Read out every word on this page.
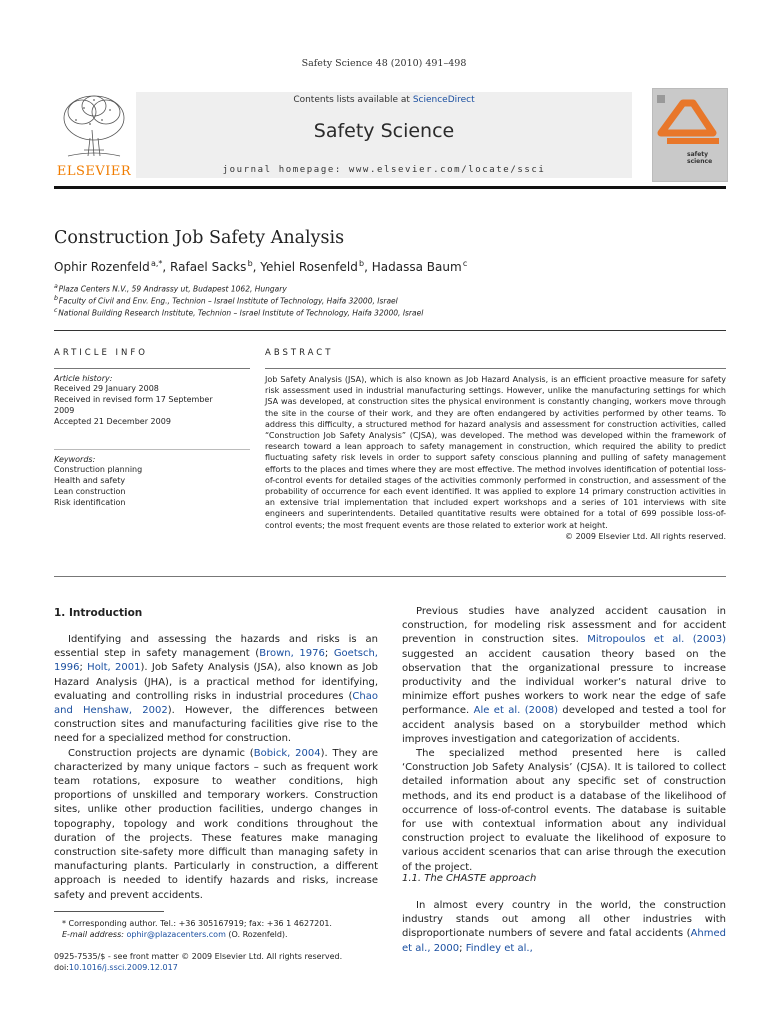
Safety Science 48 (2010) 491–498
Contents lists available at ScienceDirect
Safety Science
journal homepage: www.elsevier.com/locate/ssci
ELSEVIER
safety science
Construction Job Safety Analysis
Ophir Rozenfeld $^{a,*}$, Rafael Sacks $^b$, Yehiel Rosenfeld $^b$, Hadassa Baum $^c$
$^a$ Plaza Centers N.V., 59 Andrassy ut, Budapest 1062, Hungary
$^b$ Faculty of Civil and Env. Eng., Technion – Israel Institute of Technology, Haifa 32000, Israel
$^c$ National Building Research Institute, Technion – Israel Institute of Technology, Haifa 32000, Israel
ARTICLE INFO
Article history:
Received 29 January 2008
Received in revised form 17 September
2009
Accepted 21 December 2009
Keywords:
Construction planning
Health and safety
Lean construction
Risk identification
ABSTRACT

Job Safety Analysis (JSA), which is also known as Job Hazard Analysis, is an efficient proactive measure for safety risk assessment used in industrial manufacturing settings. However, unlike the manufacturing settings for which JSA was developed, at construction sites the physical environment is constantly changing, workers move through the site in the course of their work, and they are often endangered by activities performed by other teams. To address this difficulty, a structured method for hazard analysis and assessment for construction activities, called “Construction Job Safety Analysis” (CJSA), was developed. The method was developed within the framework of research toward a lean approach to safety management in construction, which required the ability to predict fluctuating safety risk levels in order to support safety conscious planning and pulling of safety management efforts to the places and times where they are most effective. The method involves identification of potential loss-of-control events for detailed stages of the activities commonly performed in construction, and assessment of the probability of occurrence for each event identified. It was applied to explore 14 primary construction activities in an extensive trial implementation that included expert workshops and a series of 101 interviews with site engineers and superintendents. Detailed quantitative results were obtained for a total of 699 possible loss-of-control events; the most frequent events are those related to exterior work at height.
© 2009 Elsevier Ltd. All rights reserved.

1. Introduction

Identifying and assessing the hazards and risks is an essential step in safety management (Brown, 1976; Goetsch, 1996; Holt, 2001). Job Safety Analysis (JSA), also known as Job Hazard Analysis (JHA), is a practical method for identifying, evaluating and controlling risks in industrial procedures (Chao and Henshaw, 2002). However, the differences between construction sites and manufacturing facilities give rise to the need for a specialized method for construction.

Construction projects are dynamic (Bobick, 2004). They are characterized by many unique factors – such as frequent work team rotations, exposure to weather conditions, high proportions of unskilled and temporary workers. Construction sites, unlike other production facilities, undergo changes in topography, topology and work conditions throughout the duration of the projects. These features make managing construction site-safety more difficult than managing safety in manufacturing plants. Particularly in construction, a different approach is needed to identify hazards and risks, increase safety and prevent accidents.

Previous studies have analyzed accident causation in construction, for modeling risk assessment and for accident prevention in construction sites. Mitropoulos et al. (2003) suggested an accident causation theory based on the observation that the organizational pressure to increase productivity and the individual worker’s natural drive to minimize effort pushes workers to work near the edge of safe performance. Ale et al. (2008) developed and tested a tool for accident analysis based on a storybuilder method which improves investigation and categorization of accidents.

The specialized method presented here is called ‘Construction Job Safety Analysis’ (CJSA). It is tailored to collect detailed information about any specific set of construction methods, and its end product is a database of the likelihood of occurrence of loss-of-control events. The database is suitable for use with contextual information about any individual construction project to evaluate the likelihood of exposure to various accident scenarios that can arise through the execution of the project.

1.1. The CHASTE approach

In almost every country in the world, the construction industry stands out among all other industries with disproportionate numbers of severe and fatal accidents (Ahmed et al., 2000; Findley et al.,

* Corresponding author. Tel.: +36 305167919; fax: +36 1 4627201.
E-mail address: ophir@plazacenters.com (O. Rozenfeld).
0925-7535/$ - see front matter © 2009 Elsevier Ltd. All rights reserved.
doi:10.1016/j.ssci.2009.12.017
